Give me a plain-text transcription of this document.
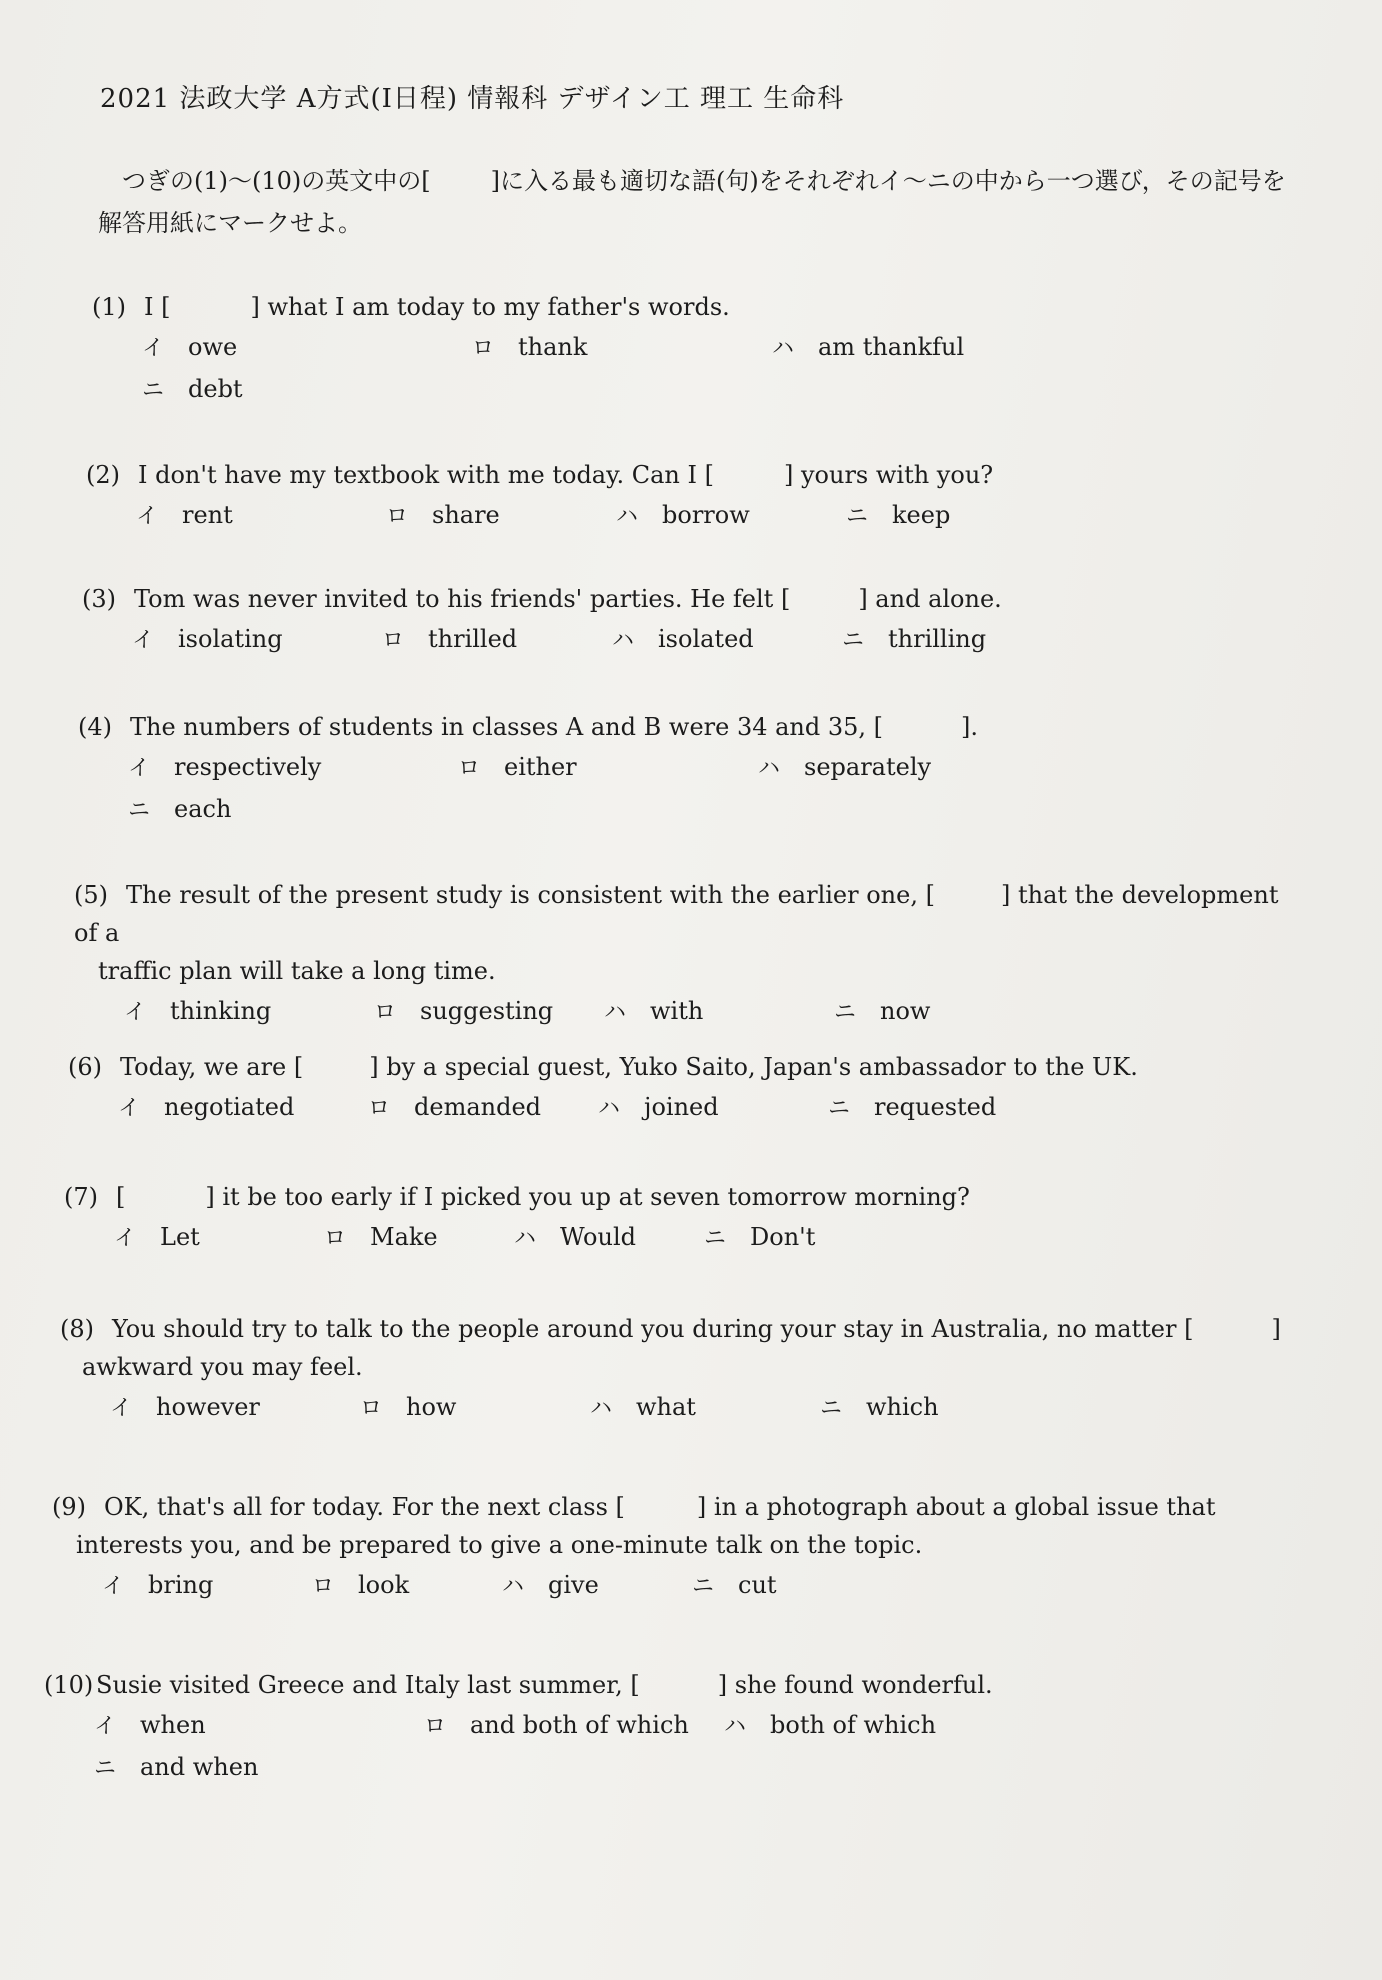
2021 法政大学 A方式(Ⅰ日程) 情報科 デザイン工 理工 生命科
つぎの(1)〜(10)の英文中の[	]に入る最も適切な語(句)をそれぞれイ〜ニの中から一つ選び，その記号を解答用紙にマークせよ。
(1) I [	] what I am today to my father's words.
イ owe	ロ thank	ハ am thankful
ニ debt
(2) I don't have my textbook with me today. Can I [	] yours with you?
イ rent	ロ share	ハ borrow	ニ keep
(3) Tom was never invited to his friends' parties. He felt [	] and alone.
イ isolating	ロ thrilled	ハ isolated	ニ thrilling
(4) The numbers of students in classes A and B were 34 and 35, [	].
イ respectively	ロ either	ハ separately
ニ each
(5) The result of the present study is consistent with the earlier one, [	] that the development of a
traffic plan will take a long time.
イ thinking	ロ suggesting ハ with	ニ now
(6) Today, we are [	] by a special guest, Yuko Saito, Japan's ambassador to the UK.
イ negotiated	ロ demanded	ハ joined	ニ requested
(7) [	] it be too early if I picked you up at seven tomorrow morning?
イ Let	ロ Make	ハ Would	ニ Don't
(8) You should try to talk to the people around you during your stay in Australia, no matter [	]
awkward you may feel.
イ however	ロ how	ハ what	ニ which
(9) OK, that's all for today. For the next class [	] in a photograph about a global issue that
interests you, and be prepared to give a one-minute talk on the topic.
イ bring	ロ look	ハ give	ニ cut
(10) Susie visited Greece and Italy last summer, [	] she found wonderful.
イ when	ロ and both of which ハ both of which
ニ and when
